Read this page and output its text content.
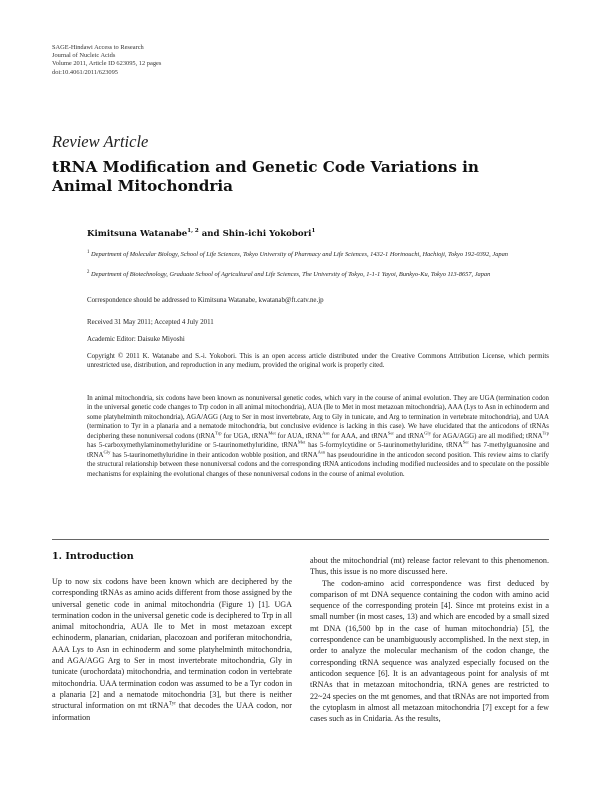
SAGE-Hindawi Access to Research
Journal of Nucleic Acids
Volume 2011, Article ID 623095, 12 pages
doi:10.4061/2011/623095
Review Article
tRNA Modification and Genetic Code Variations in
Animal Mitochondria
Kimitsuna Watanabe$^{1, 2}$ and Shin-ichi Yokobori$^1$
$^1$ Department of Molecular Biology, School of Life Sciences, Tokyo University of Pharmacy and Life Sciences, 1432-1 Horinouchi, Hachioji, Tokyo 192-0392, Japan
$^2$ Department of Biotechnology, Graduate School of Agricultural and Life Sciences, The University of Tokyo, 1-1-1 Yayoi, Bunkyo-Ku, Tokyo 113-8657, Japan
Correspondence should be addressed to Kimitsuna Watanabe, kwatanab@ft.catv.ne.jp
Received 31 May 2011; Accepted 4 July 2011
Academic Editor: Daisuke Miyoshi
Copyright © 2011 K. Watanabe and S.-i. Yokobori. This is an open access article distributed under the Creative Commons Attribution License, which permits unrestricted use, distribution, and reproduction in any medium, provided the original work is properly cited.
In animal mitochondria, six codons have been known as nonuniversal genetic codes, which vary in the course of animal evolution. They are UGA (termination codon in the universal genetic code changes to Trp codon in all animal mitochondria), AUA (Ile to Met in most metazoan mitochondria), AAA (Lys to Asn in echinoderm and some platyhelminth mitochondria), AGA/AGG (Arg to Ser in most invertebrate, Arg to Gly in tunicate, and Arg to termination in vertebrate mitochondria), and UAA (termination to Tyr in a planaria and a nematode mitochondria, but conclusive evidence is lacking in this case). We have elucidated that the anticodons of tRNAs deciphering these nonuniversal codons (tRNA$^{Trp}$ for UGA, tRNA$^{Met}$ for AUA, tRNA$^{Asn}$ for AAA, and tRNA$^{Ser}$ and tRNA$^{Gly}$ for AGA/AGG) are all modified; tRNA$^{Trp}$ has 5-carboxymethylaminomethyluridine or 5-taurinomethyluridine, tRNA$^{Met}$ has 5-formylcytidine or 5-taurinomethyluridine, tRNA$^{Ser}$ has 7-methylguanosine and tRNA$^{Gly}$ has 5-taurinomethyluridine in their anticodon wobble position, and tRNA$^{Asn}$ has pseudouridine in the anticodon second position. This review aims to clarify the structural relationship between these nonuniversal codons and the corresponding tRNA anticodons including modified nucleosides and to speculate on the possible mechanisms for explaining the evolutional changes of these nonuniversal codons in the course of animal evolution.
1. Introduction

Up to now six codons have been known which are deciphered by the corresponding tRNAs as amino acids different from those assigned by the universal genetic code in animal mitochondria (Figure 1) [1]. UGA termination codon in the universal genetic code is deciphered to Trp in all animal mitochondria, AUA Ile to Met in most metazoan except echinoderm, planarian, cnidarian, placozoan and poriferan mitochondria, AAA Lys to Asn in echinoderm and some platyhelminth mitochondria, and AGA/AGG Arg to Ser in most invertebrate mitochondria, Gly in tunicate (urochordata) mitochondria, and termination codon in vertebrate mitochondria. UAA termination codon was assumed to be a Tyr codon in a planaria [2] and a nematode mitochondria [3], but there is neither structural information on mt tRNA$^{Tyr}$ that decodes the UAA codon, nor information

about the mitochondrial (mt) release factor relevant to this phenomenon. Thus, this issue is no more discussed here.

The codon-amino acid correspondence was first deduced by comparison of mt DNA sequence containing the codon with amino acid sequence of the corresponding protein [4]. Since mt proteins exist in a small number (in most cases, 13) and which are encoded by a small sized mt DNA (16,500 bp in the case of human mitochondria) [5], the correspondence can be unambiguously accomplished. In the next step, in order to analyze the molecular mechanism of the codon change, the corresponding tRNA sequence was analyzed especially focused on the anticodon sequence [6]. It is an advantageous point for analysis of mt tRNAs that in metazoan mitochondria, tRNA genes are restricted to 22~24 species on the mt genomes, and that tRNAs are not imported from the cytoplasm in almost all metazoan mitochondria [7] except for a few cases such as in Cnidaria. As the results,
